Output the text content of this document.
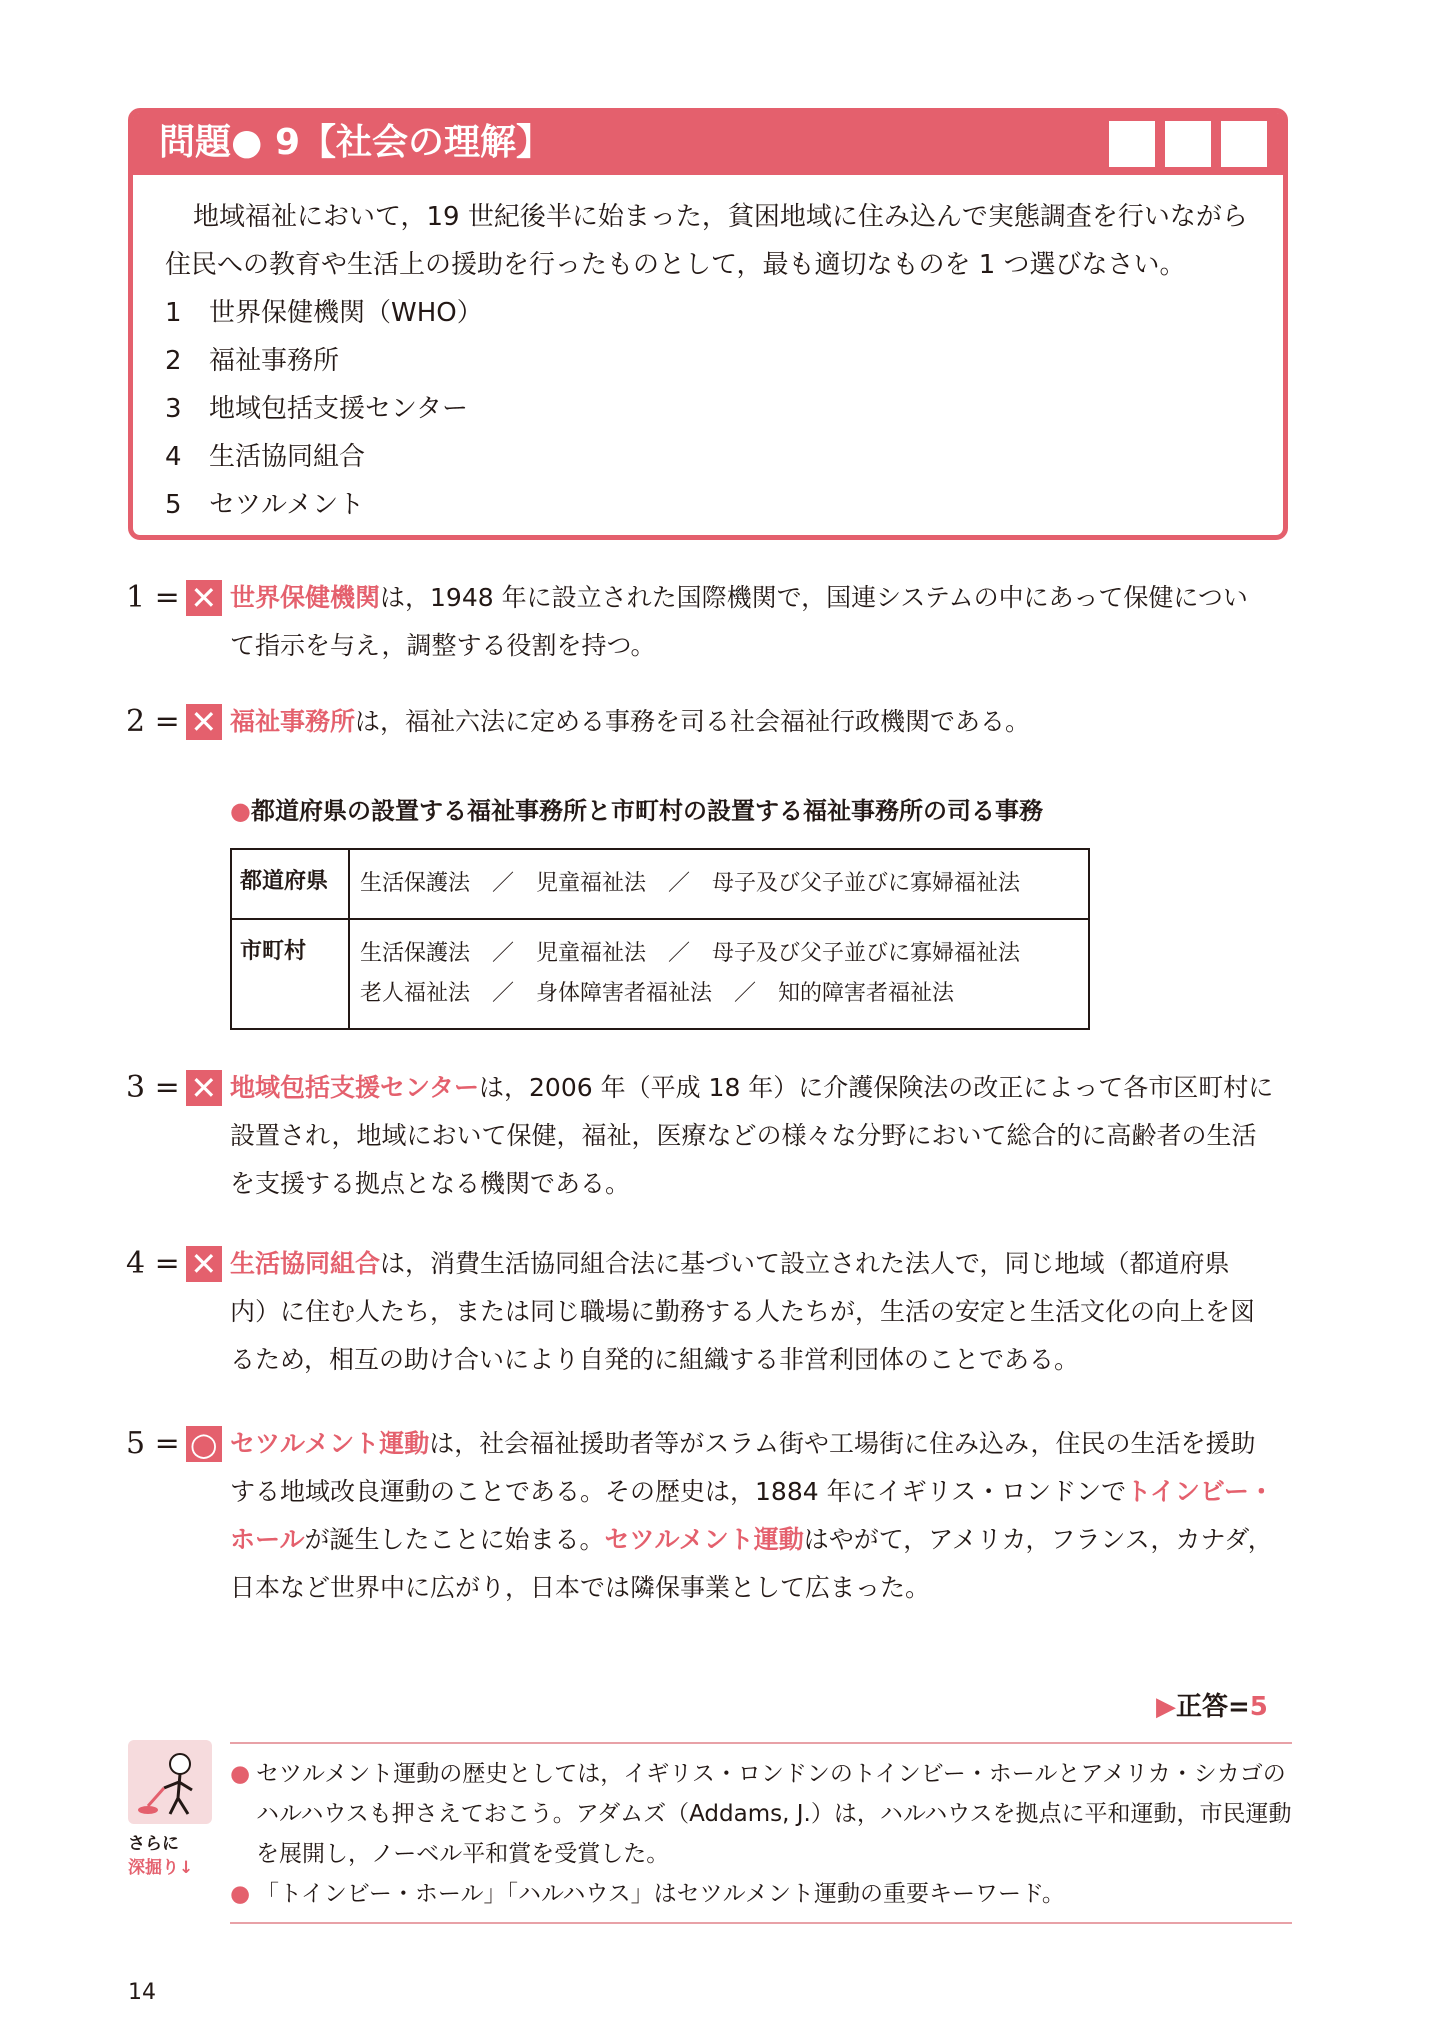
問題● 9【社会の理解】
地域福祉において，19 世紀後半に始まった，貧困地域に住み込んで実態調査を行いながら住民への教育や生活上の援助を行ったものとして，最も適切なものを 1 つ選びなさい。
1 世界保健機関（WHO）
2 福祉事務所
3 地域包括支援センター
4 生活協同組合
5 セツルメント
1 = ✕ 世界保健機関は，1948 年に設立された国際機関で，国連システムの中にあって保健につい
て指示を与え，調整する役割を持つ。
2 = ✕ 福祉事務所は，福祉六法に定める事務を司る社会福祉行政機関である。
●都道府県の設置する福祉事務所と市町村の設置する福祉事務所の司る事務
都道府県	生活保護法　／　児童福祉法　／　母子及び父子並びに寡婦福祉法
市町村	生活保護法　／　児童福祉法　／　母子及び父子並びに寡婦福祉法
老人福祉法　／　身体障害者福祉法　／　知的障害者福祉法
3 = ✕ 地域包括支援センターは，2006 年（平成 18 年）に介護保険法の改正によって各市区町村に
設置され，地域において保健，福祉，医療などの様々な分野において総合的に高齢者の生活
を支援する拠点となる機関である。
4 = ✕ 生活協同組合は，消費生活協同組合法に基づいて設立された法人で，同じ地域（都道府県
内）に住む人たち，または同じ職場に勤務する人たちが，生活の安定と生活文化の向上を図
るため，相互の助け合いにより自発的に組織する非営利団体のことである。
5 = ○ セツルメント運動は，社会福祉援助者等がスラム街や工場街に住み込み，住民の生活を援助
する地域改良運動のことである。その歴史は，1884 年にイギリス・ロンドンでトインビー・
ホールが誕生したことに始まる。セツルメント運動はやがて，アメリカ，フランス，カナダ，
日本など世界中に広がり，日本では隣保事業として広まった。
▶正答=5
さらに
深掘り↓
● セツルメント運動の歴史としては，イギリス・ロンドンのトインビー・ホールとアメリカ・シカゴのハルハウスも押さえておこう。アダムズ（Addams, J.）は，ハルハウスを拠点に平和運動，市民運動を展開し，ノーベル平和賞を受賞した。
● 「トインビー・ホール」「ハルハウス」はセツルメント運動の重要キーワード。
14
